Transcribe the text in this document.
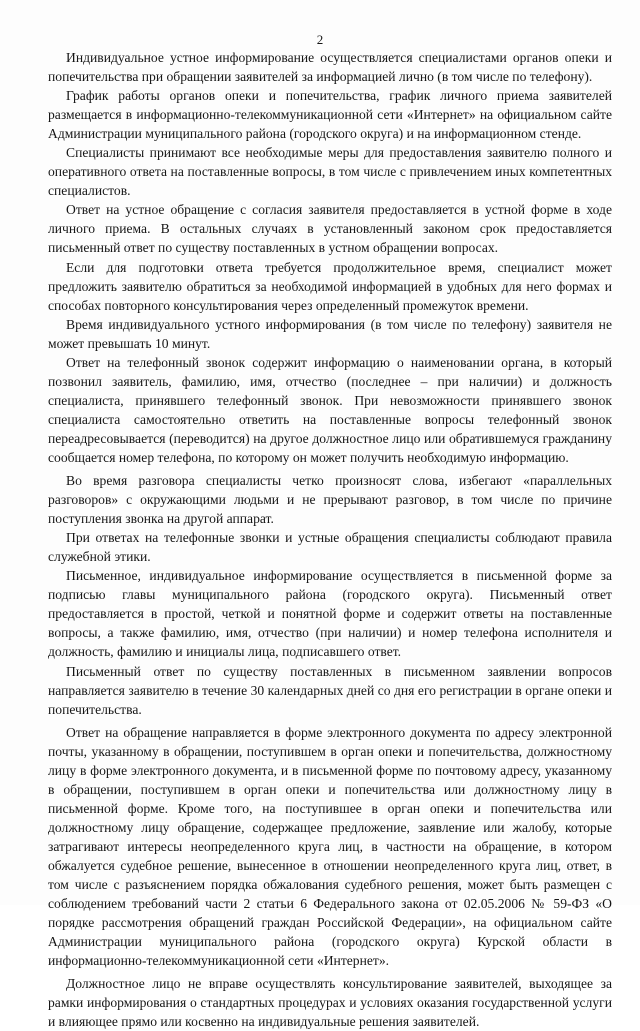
2

Индивидуальное устное информирование осуществляется специалистами органов опеки и попечительства при обращении заявителей за информацией лично (в том числе по телефону).

График работы органов опеки и попечительства, график личного приема заявителей размещается в информационно-телекоммуникационной сети «Интернет» на официальном сайте Администрации муниципального района (городского округа) и на информационном стенде.

Специалисты принимают все необходимые меры для предоставления заявителю полного и оперативного ответа на поставленные вопросы, в том числе с привлечением иных компетентных специалистов.

Ответ на устное обращение с согласия заявителя предоставляется в устной форме в ходе личного приема. В остальных случаях в установленный законом срок предоставляется письменный ответ по существу поставленных в устном обращении вопросах.

Если для подготовки ответа требуется продолжительное время, специалист может предложить заявителю обратиться за необходимой информацией в удобных для него формах и способах повторного консультирования через определенный промежуток времени.

Время индивидуального устного информирования (в том числе по телефону) заявителя не может превышать 10 минут.

Ответ на телефонный звонок содержит информацию о наименовании органа, в который позвонил заявитель, фамилию, имя, отчество (последнее – при наличии) и должность специалиста, принявшего телефонный звонок. При невозможности принявшего звонок специалиста самостоятельно ответить на поставленные вопросы телефонный звонок переадресовывается (переводится) на другое должностное лицо или обратившемуся гражданину сообщается номер телефона, по которому он может получить необходимую информацию.

Во время разговора специалисты четко произносят слова, избегают «параллельных разговоров» с окружающими людьми и не прерывают разговор, в том числе по причине поступления звонка на другой аппарат.

При ответах на телефонные звонки и устные обращения специалисты соблюдают правила служебной этики.

Письменное, индивидуальное информирование осуществляется в письменной форме за подписью главы муниципального района (городского округа). Письменный ответ предоставляется в простой, четкой и понятной форме и содержит ответы на поставленные вопросы, а также фамилию, имя, отчество (при наличии) и номер телефона исполнителя и должность, фамилию и инициалы лица, подписавшего ответ.

Письменный ответ по существу поставленных в письменном заявлении вопросов направляется заявителю в течение 30 календарных дней со дня его регистрации в органе опеки и попечительства.

Ответ на обращение направляется в форме электронного документа по адресу электронной почты, указанному в обращении, поступившем в орган опеки и попечительства, должностному лицу в форме электронного документа, и в письменной форме по почтовому адресу, указанному в обращении, поступившем в орган опеки и попечительства или должностному лицу в письменной форме. Кроме того, на поступившее в орган опеки и попечительства или должностному лицу обращение, содержащее предложение, заявление или жалобу, которые затрагивают интересы неопределенного круга лиц, в частности на обращение, в котором обжалуется судебное решение, вынесенное в отношении неопределенного круга лиц, ответ, в том числе с разъяснением порядка обжалования судебного решения, может быть размещен с соблюдением требований части 2 статьи 6 Федерального закона от 02.05.2006 № 59-ФЗ «О порядке рассмотрения обращений граждан Российской Федерации», на официальном сайте Администрации муниципального района (городского округа) Курской области в информационно-телекоммуникационной сети «Интернет».

Должностное лицо не вправе осуществлять консультирование заявителей, выходящее за рамки информирования о стандартных процедурах и условиях оказания государственной услуги и влияющее прямо или косвенно на индивидуальные решения заявителей.
